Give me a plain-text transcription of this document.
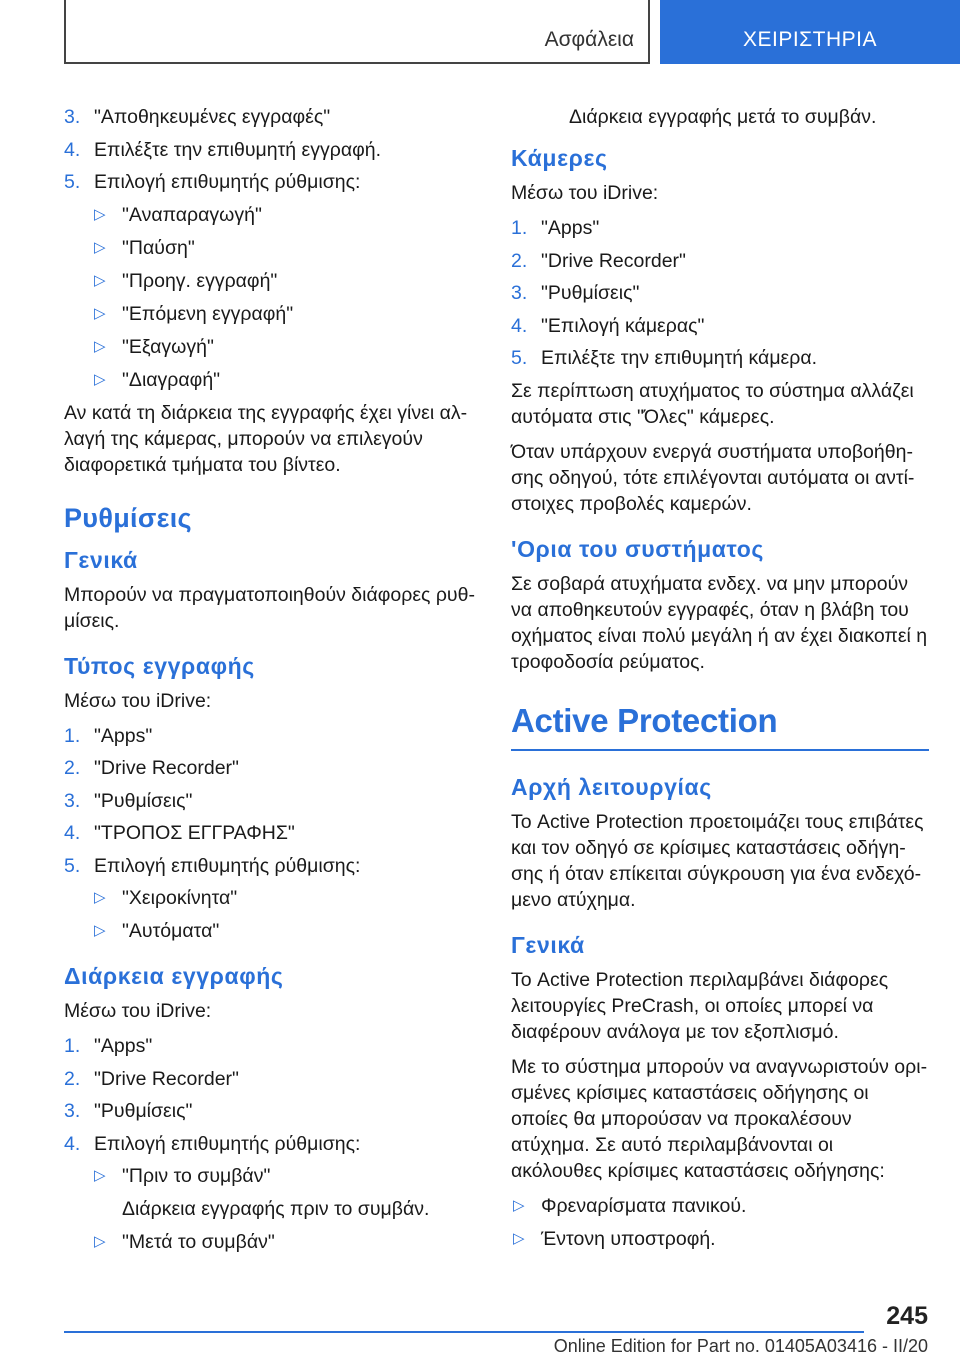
Ασφάλεια	ΧΕΙΡΙΣΤΗΡΙΑ
3. "Αποθηκευμένες εγγραφές"
4. Επιλέξτε την επιθυμητή εγγραφή.
5. Επιλογή επιθυμητής ρύθμισης:
▷ "Αναπαραγωγή"
▷ "Παύση"
▷ "Προηγ. εγγραφή"
▷ "Επόμενη εγγραφή"
▷ "Εξαγωγή"
▷ "Διαγραφή"

Αν κατά τη διάρκεια της εγγραφής έχει γίνει αλλαγή της κάμερας, μπορούν να επιλεγούν διαφορετικά τμήματα του βίντεο.

Ρυθμίσεις
Γενικά

Μπορούν να πραγματοποιηθούν διάφορες ρυθμίσεις.

Τύπος εγγραφής

Μέσω του iDrive:

1. "Apps"
2. "Drive Recorder"
3. "Ρυθμίσεις"
4. "ΤΡΟΠΟΣ ΕΓΓΡΑΦΗΣ"
5. Επιλογή επιθυμητής ρύθμισης:
▷ "Χειροκίνητα"
▷ "Αυτόματα"
Διάρκεια εγγραφής

Μέσω του iDrive:

1. "Apps"
2. "Drive Recorder"
3. "Ρυθμίσεις"
4. Επιλογή επιθυμητής ρύθμισης:
▷ "Πριν το συμβάν"
Διάρκεια εγγραφής πριν το συμβάν.
▷ "Μετά το συμβάν"
Διάρκεια εγγραφής μετά το συμβάν.
Κάμερες

Μέσω του iDrive:

1. "Apps"
2. "Drive Recorder"
3. "Ρυθμίσεις"
4. "Επιλογή κάμερας"
5. Επιλέξτε την επιθυμητή κάμερα.

Σε περίπτωση ατυχήματος το σύστημα αλλάζει αυτόματα στις "Όλες" κάμερες.

Όταν υπάρχουν ενεργά συστήματα υποβοήθησης οδηγού, τότε επιλέγονται αυτόματα οι αντίστοιχες προβολές καμερών.

'Ορια του συστήματος

Σε σοβαρά ατυχήματα ενδεχ. να μην μπορούν να αποθηκευτούν εγγραφές, όταν η βλάβη του οχήματος είναι πολύ μεγάλη ή αν έχει διακοπεί η τροφοδοσία ρεύματος.

Active Protection
Αρχή λειτουργίας

Το Active Protection προετοιμάζει τους επιβάτες και τον οδηγό σε κρίσιμες καταστάσεις οδήγησης ή όταν επίκειται σύγκρουση για ένα ενδεχόμενο ατύχημα.

Γενικά

Το Active Protection περιλαμβάνει διάφορες λειτουργίες PreCrash, οι οποίες μπορεί να διαφέρουν ανάλογα με τον εξοπλισμό.

Με το σύστημα μπορούν να αναγνωριστούν ορισμένες κρίσιμες καταστάσεις οδήγησης οι οποίες θα μπορούσαν να προκαλέσουν ατύχημα. Σε αυτό περιλαμβάνονται οι ακόλουθες κρίσιμες καταστάσεις οδήγησης:

▷ Φρεναρίσματα πανικού.
▷ Έντονη υποστροφή.
245
Online Edition for Part no. 01405A03416 - II/20
